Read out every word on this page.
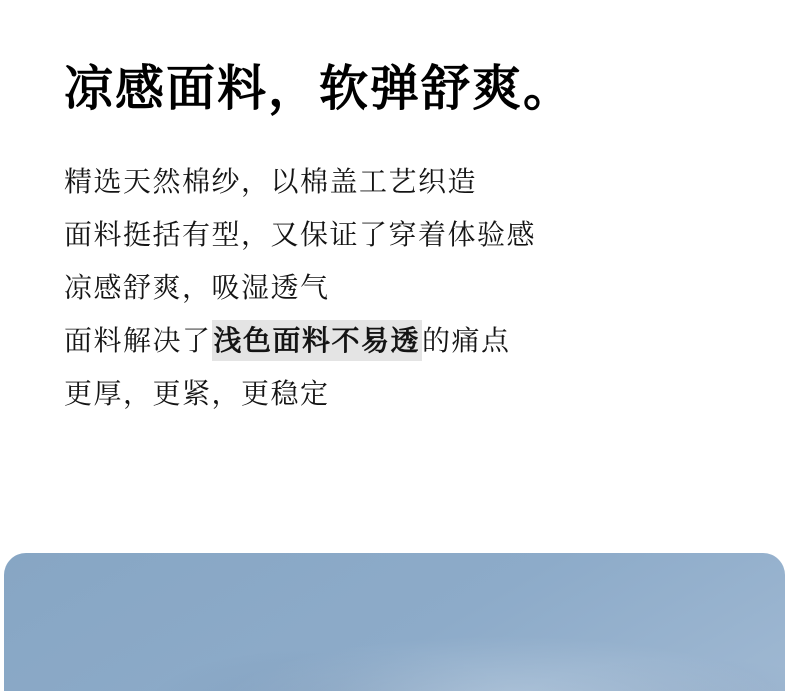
凉感面料，软弹舒爽。
精选天然棉纱，以棉盖工艺织造
面料挺括有型，又保证了穿着体验感
凉感舒爽，吸湿透气
面料解决了浅色面料不易透的痛点
更厚，更紧，更稳定
